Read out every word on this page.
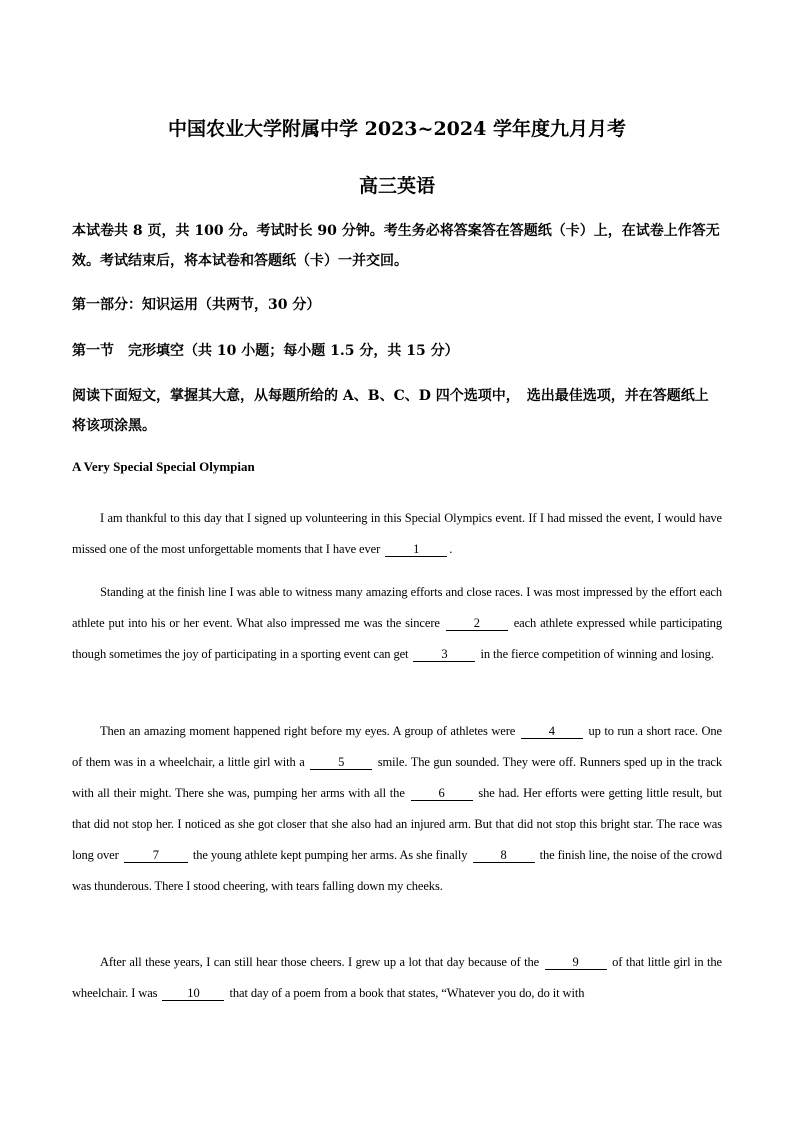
中国农业大学附属中学 2023~2024 学年度九月月考
高三英语
本试卷共 8 页，共 100 分。考试时长 90 分钟。考生务必将答案答在答题纸（卡）上，在试卷上作答无效。考试结束后，将本试卷和答题纸（卡）一并交回。
第一部分：知识运用（共两节，30 分）
第一节　完形填空（共 10 小题；每小题 1.5 分，共 15 分）
阅读下面短文，掌握其大意，从每题所给的 A、B、C、D 四个选项中，　选出最佳选项，并在答题纸上将该项涂黑。
A Very Special Special Olympian
I am thankful to this day that I signed up volunteering in this Special Olympics event. If I had missed the event, I would have missed one of the most unforgettable moments that I have ever	1 .
Standing at the finish line I was able to witness many amazing efforts and close races. I was most impressed by the effort each athlete put into his or her event. What also impressed me was the sincere	2	each athlete expressed while participating though sometimes the joy of participating in a sporting event can get	3	in the fierce competition of winning and losing.
Then an amazing moment happened right before my eyes. A group of athletes were	4	up to run a short race. One of them was in a wheelchair, a little girl with a	5	smile. The gun sounded. They were off. Runners sped up in the track with all their might. There she was, pumping her arms with all the	6	she had. Her efforts were getting little result, but that did not stop her. I noticed as she got closer that she also had an injured arm. But that did not stop this bright star. The race was long over	7	the young athlete kept pumping her arms. As she finally	8	the finish line, the noise of the crowd was thunderous. There I stood cheering, with tears falling down my cheeks.
After all these years, I can still hear those cheers. I grew up a lot that day because of the	9	of that little girl in the wheelchair. I was 10 that day of a poem from a book that states, “Whatever you do, do it with
